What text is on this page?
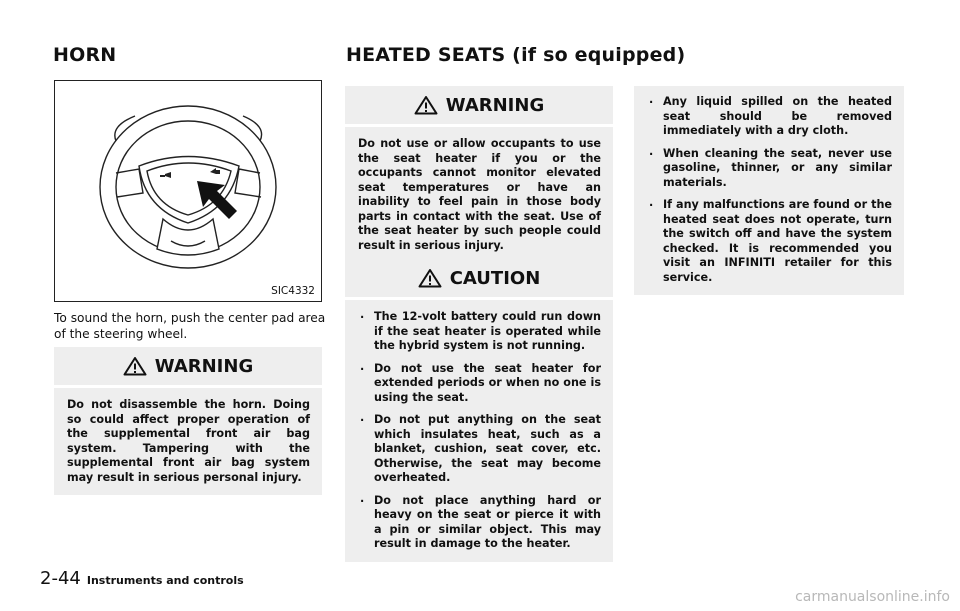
HORN	HEATED SEATS (if so equipped)
SIC4332

To sound the horn, push the center pad area of the steering wheel.

WARNING

Do not disassemble the horn. Doing so could affect proper operation of the supplemental front air bag system. Tampering with the supplemental front air bag system may result in serious personal injury.

WARNING

Do not use or allow occupants to use the seat heater if you or the occupants cannot monitor elevated seat temperatures or have an inability to feel pain in those body parts in contact with the seat. Use of the seat heater by such people could result in serious injury.

CAUTION
. The 12-volt battery could run down if the seat heater is operated while the hybrid system is not running.
. Do not use the seat heater for extended periods or when no one is using the seat.
. Do not put anything on the seat which insulates heat, such as a blanket, cushion, seat cover, etc. Otherwise, the seat may become overheated.
. Do not place anything hard or heavy on the seat or pierce it with a pin or similar object. This may result in damage to the heater.
. Any liquid spilled on the heated seat should be removed immediately with a dry cloth.
. When cleaning the seat, never use gasoline, thinner, or any similar materials.
. If any malfunctions are found or the heated seat does not operate, turn the switch off and have the system checked. It is recommended you visit an INFINITI retailer for this service.
2-44 Instruments and controls
carmanualsonline.info
